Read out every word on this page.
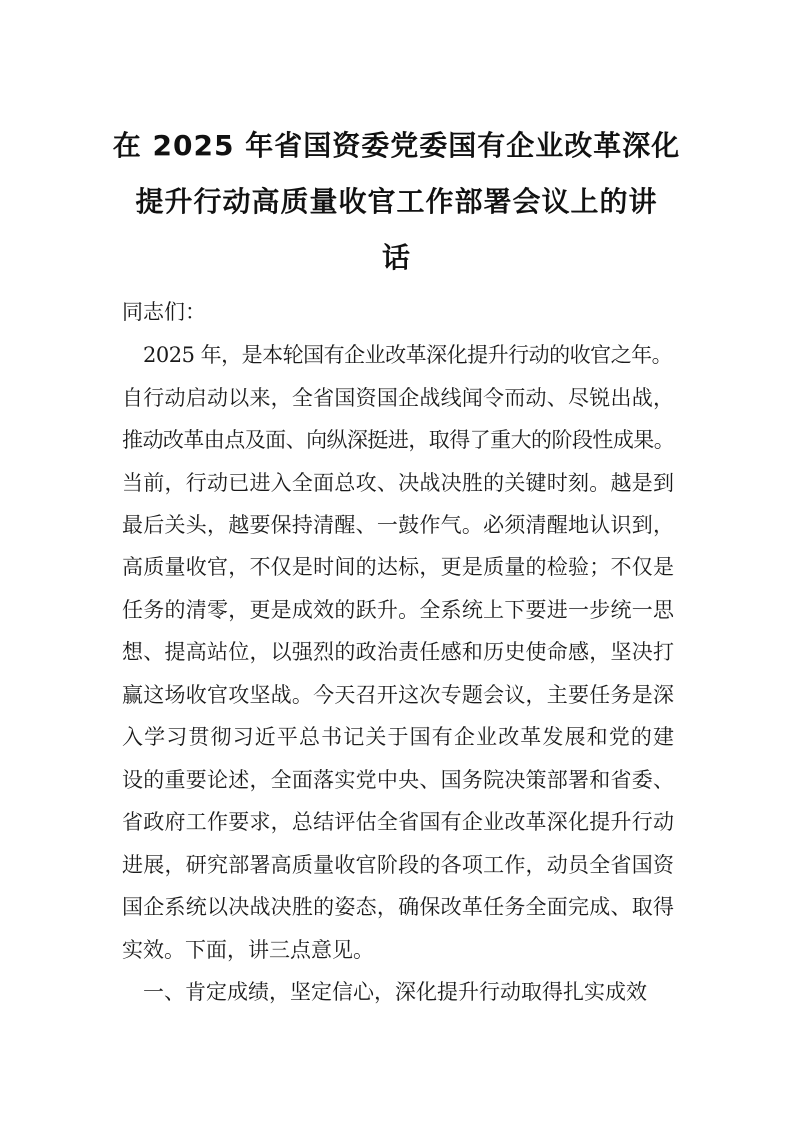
在 2025 年省国资委党委国有企业改革深化
提升行动高质量收官工作部署会议上的讲
话
同志们：
2025 年，是本轮国有企业改革深化提升行动的收官之年。
自行动启动以来，全省国资国企战线闻令而动、尽锐出战，
推动改革由点及面、向纵深挺进，取得了重大的阶段性成果。
当前，行动已进入全面总攻、决战决胜的关键时刻。越是到
最后关头，越要保持清醒、一鼓作气。必须清醒地认识到，
高质量收官，不仅是时间的达标，更是质量的检验；不仅是
任务的清零，更是成效的跃升。全系统上下要进一步统一思
想、提高站位，以强烈的政治责任感和历史使命感，坚决打
赢这场收官攻坚战。今天召开这次专题会议，主要任务是深
入学习贯彻习近平总书记关于国有企业改革发展和党的建
设的重要论述，全面落实党中央、国务院决策部署和省委、
省政府工作要求，总结评估全省国有企业改革深化提升行动
进展，研究部署高质量收官阶段的各项工作，动员全省国资
国企系统以决战决胜的姿态，确保改革任务全面完成、取得
实效。下面，讲三点意见。
一、肯定成绩，坚定信心，深化提升行动取得扎实成效
